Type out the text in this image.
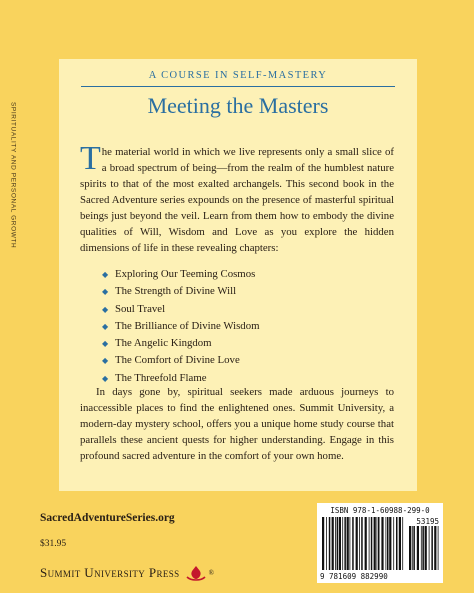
SPIRITUALITY AND PERSONAL GROWTH
A COURSE IN SELF-MASTERY
Meeting the Masters

The material world in which we live represents only a small slice of a broad spectrum of being—from the realm of the humblest nature spirits to that of the most exalted archangels. This second book in the Sacred Adventure series expounds on the presence of masterful spiritual beings just beyond the veil. Learn from them how to embody the divine qualities of Will, Wisdom and Love as you explore the hidden dimensions of life in these revealing chapters:

◆ Exploring Our Teeming Cosmos
◆ The Strength of Divine Will
◆ Soul Travel
◆ The Brilliance of Divine Wisdom
◆ The Angelic Kingdom
◆ The Comfort of Divine Love
◆ The Threefold Flame

In days gone by, spiritual seekers made arduous journeys to inaccessible places to find the enlightened ones. Summit University, a modern-day mystery school, offers you a unique home study course that parallels these ancient quests for higher understanding. Engage in this profound sacred adventure in the comfort of your own home.

SacredAdventureSeries.org
$31.95
Summit University Press	®
ISBN 978-1-60988-299-0
53195
9 781609 882990
